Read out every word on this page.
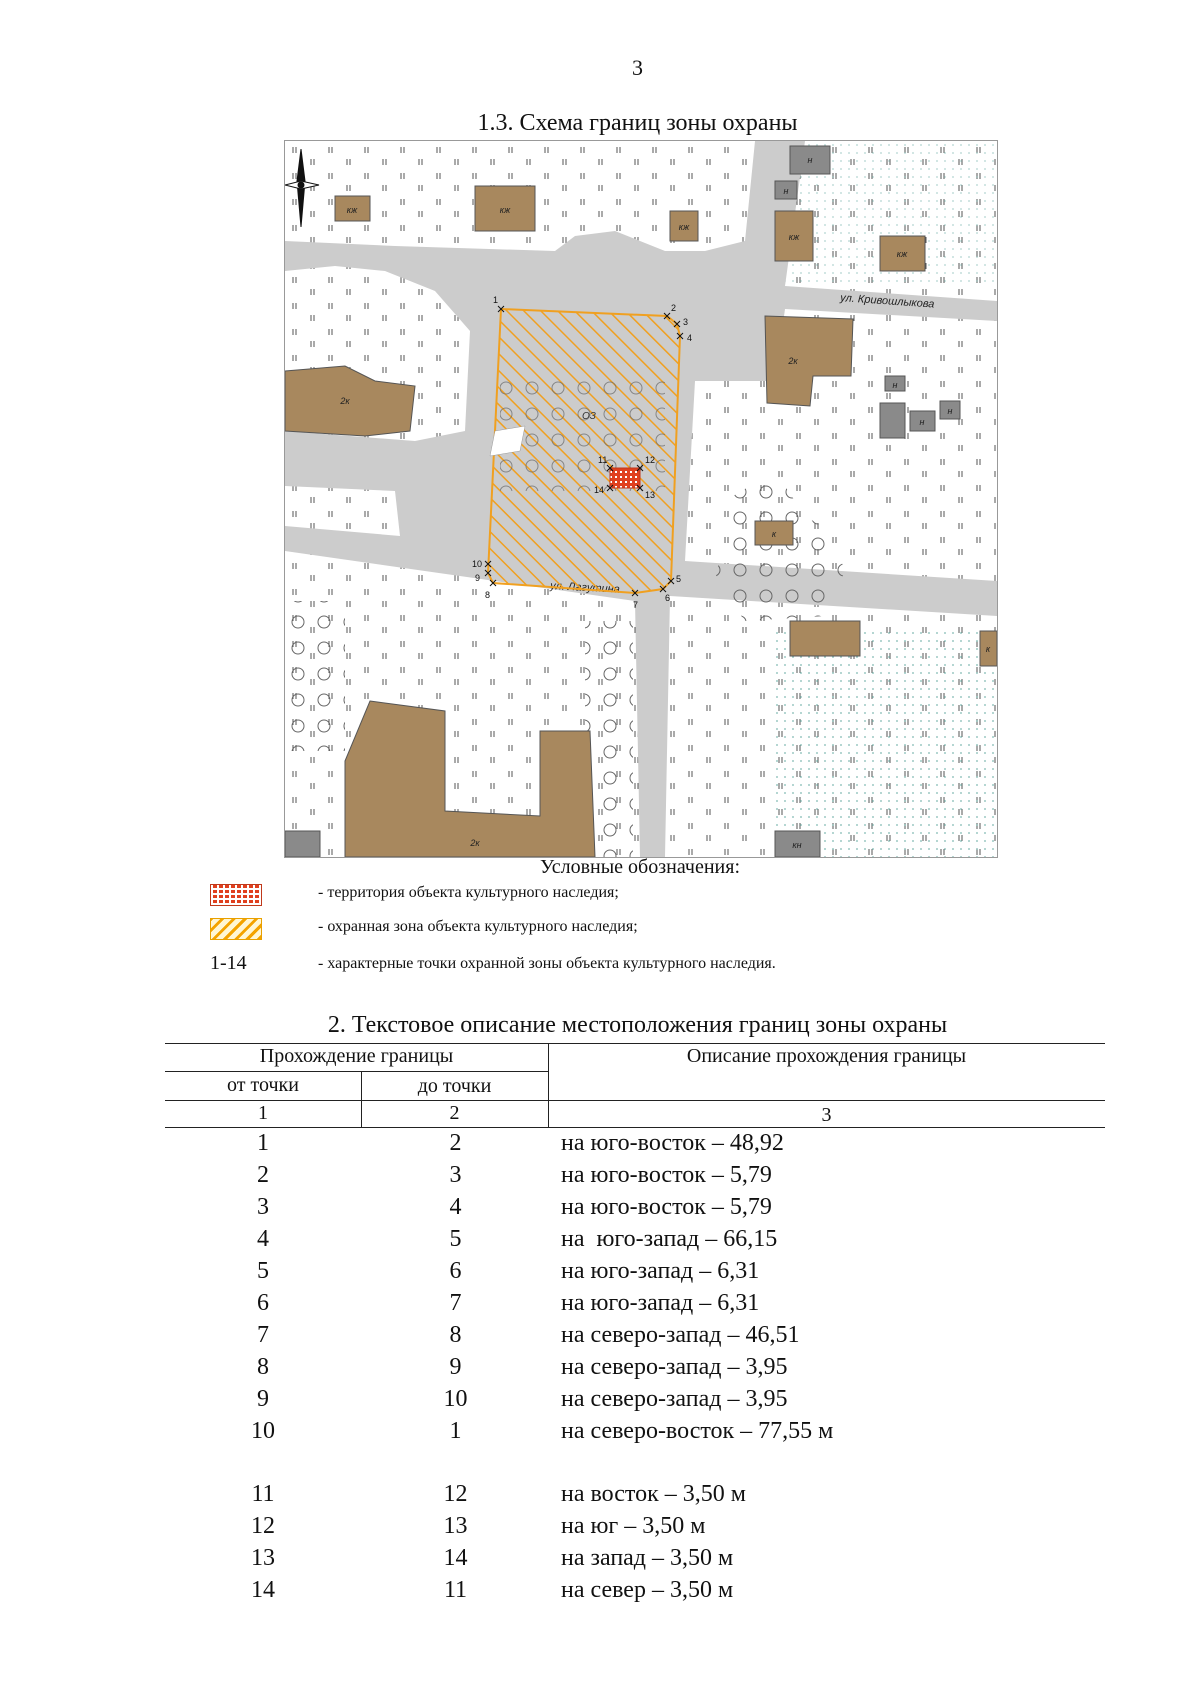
3
1.3. Схема границ зоны охраны
кж	кж
кж
кж
кж
2к
2к
2к
н
н
н
н
н
к
кн
к
ул. Кривошлыкова
ОЗ
1
2
3
4
5
6
7
8
9
10
11	12
13
14
Условные обозначения:
- территория объекта культурного наследия;
- охранная зона объекта культурного наследия;
1-14	- характерные точки охранной зоны объекта культурного наследия.
2. Текстовое описание местоположения границ зоны охраны
Прохождение границы	Описание прохождения границы
от точки	до точки
1	2	3
1	2	на юго-восток – 48,92
2	3	на юго-восток – 5,79
3	4	на юго-восток – 5,79
4	5	на  юго-запад – 66,15
5	6	на юго-запад – 6,31
6	7	на юго-запад – 6,31
7	8	на северо-запад – 46,51
8	9	на северо-запад – 3,95
9	10	на северо-запад – 3,95
10	1	на северо-восток – 77,55 м
11	12	на восток – 3,50 м
12	13	на юг – 3,50 м
13	14	на запад – 3,50 м
14	11	на север – 3,50 м
